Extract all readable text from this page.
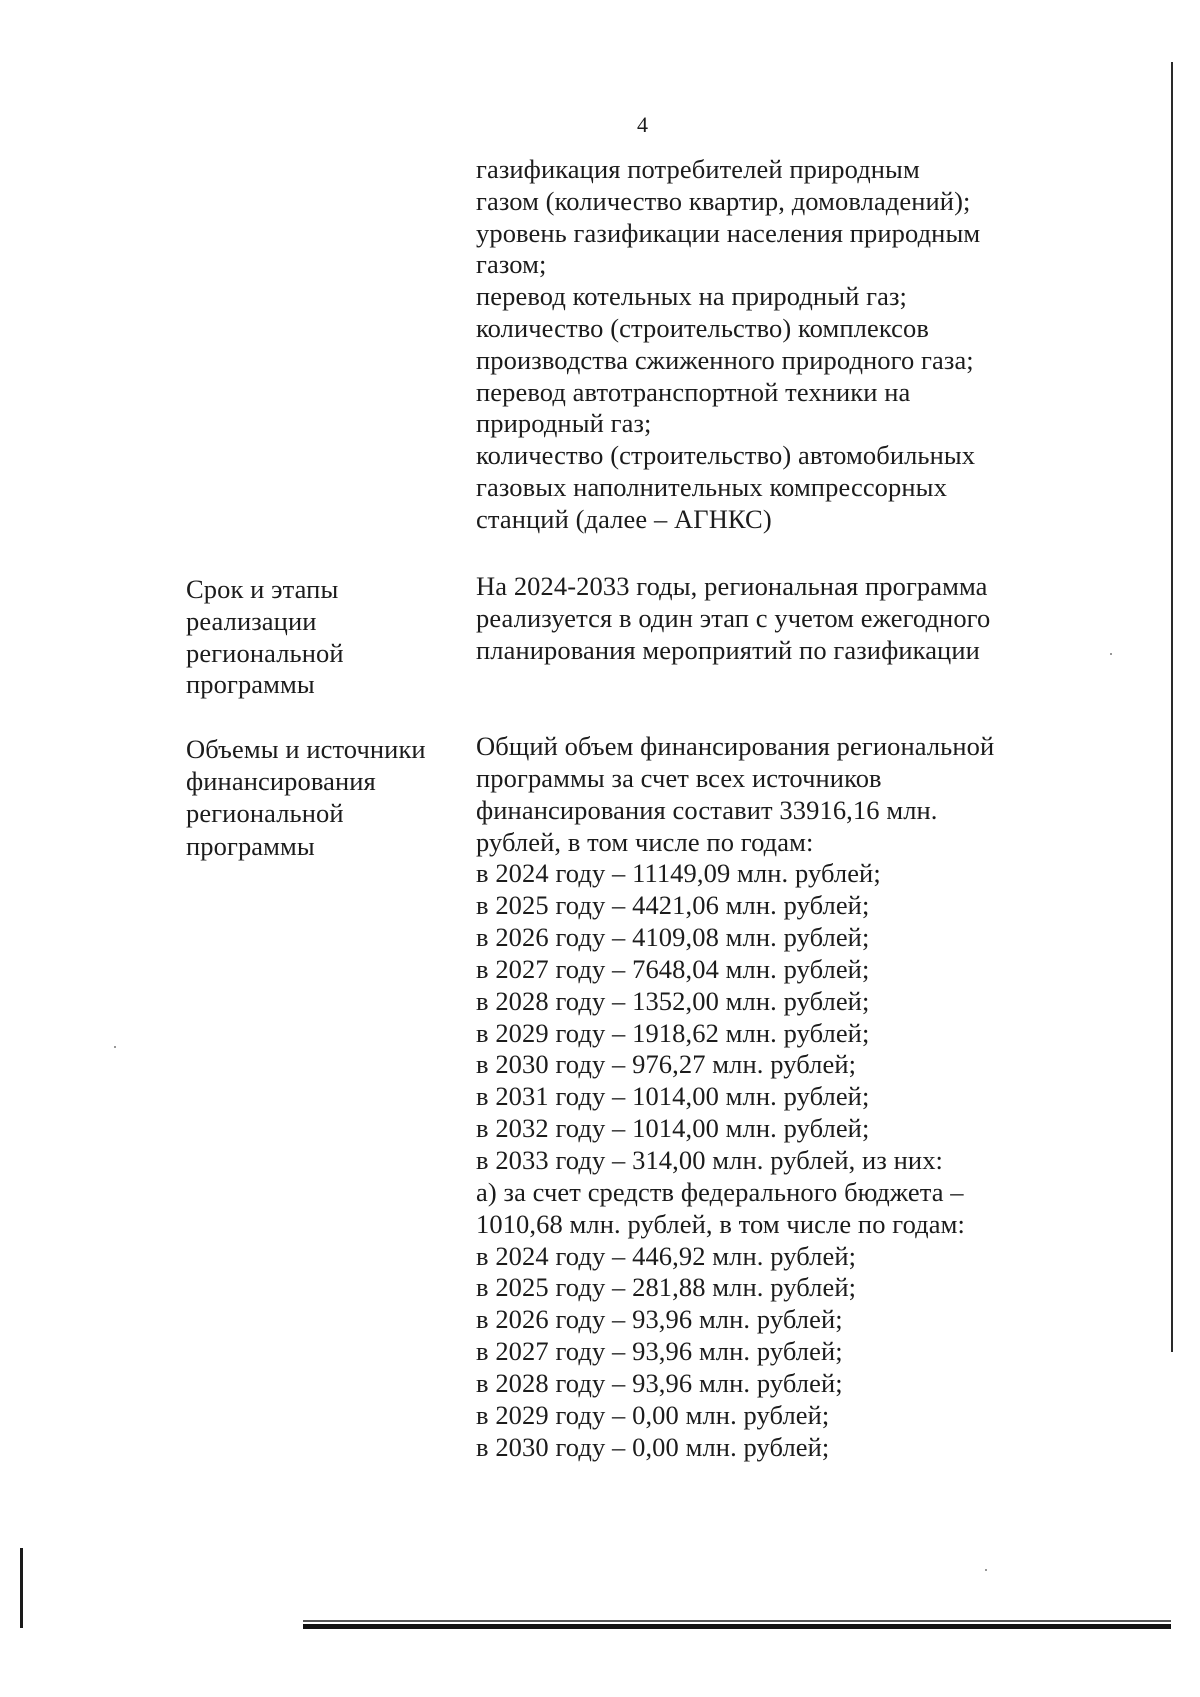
4
газификация потребителей природным
газом (количество квартир, домовладений);
уровень газификации населения природным
газом;
перевод котельных на природный газ;
количество (строительство) комплексов
производства сжиженного природного газа;
перевод автотранспортной техники на
природный газ;
количество (строительство) автомобильных
газовых наполнительных компрессорных
станций (далее – АГНКС)
Срок и этапы
реализации
региональной
программы
На 2024-2033 годы, региональная программа
реализуется в один этап с учетом ежегодного
планирования мероприятий по газификации
Объемы и источники
финансирования
региональной
программы
Общий объем финансирования региональной
программы за счет всех источников
финансирования составит 33916,16 млн.
рублей, в том числе по годам:
в 2024 году – 11149,09 млн. рублей;
в 2025 году – 4421,06 млн. рублей;
в 2026 году – 4109,08 млн. рублей;
в 2027 году – 7648,04 млн. рублей;
в 2028 году – 1352,00 млн. рублей;
в 2029 году – 1918,62 млн. рублей;
в 2030 году – 976,27 млн. рублей;
в 2031 году – 1014,00 млн. рублей;
в 2032 году – 1014,00 млн. рублей;
в 2033 году – 314,00 млн. рублей, из них:
а) за счет средств федерального бюджета –
1010,68 млн. рублей, в том числе по годам:
в 2024 году – 446,92 млн. рублей;
в 2025 году – 281,88 млн. рублей;
в 2026 году – 93,96 млн. рублей;
в 2027 году – 93,96 млн. рублей;
в 2028 году – 93,96 млн. рублей;
в 2029 году – 0,00 млн. рублей;
в 2030 году – 0,00 млн. рублей;
